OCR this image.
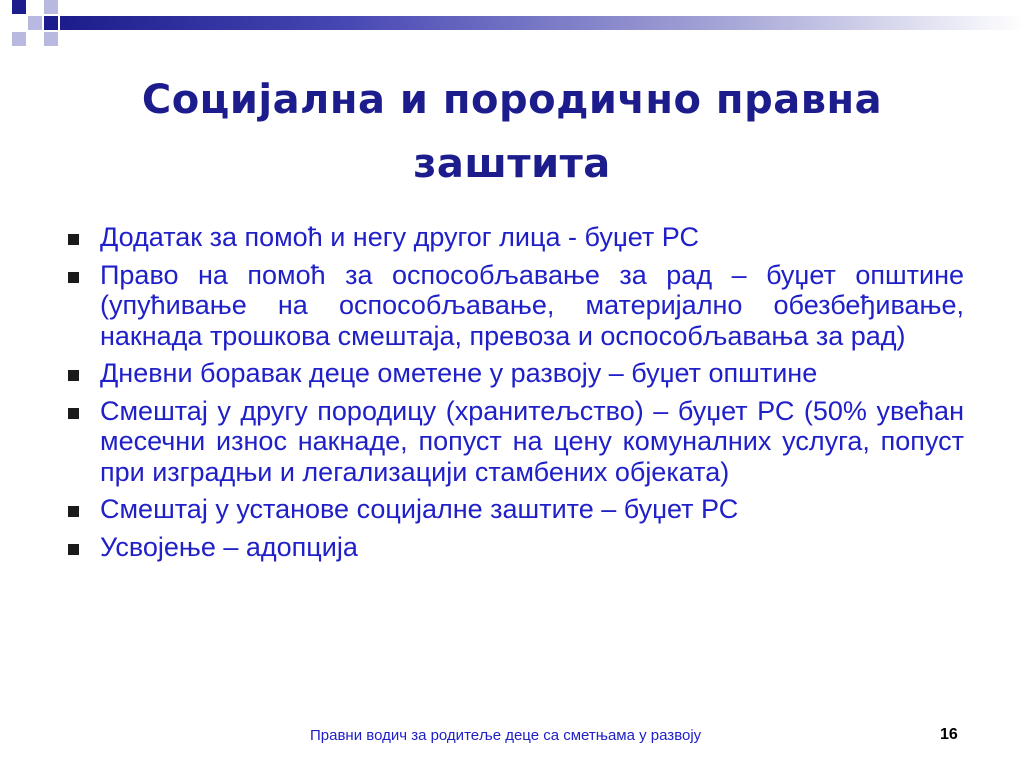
Социјална и породично правна
заштита
Додатак за помоћ и негу другог лица - буџет РС
Право на помоћ за оспособљавање за рад – буџет општине (упућивање на оспособљавање, материјално обезбеђивање, накнада трошкова смештаја, превоза и оспособљавања за рад)
Дневни боравак деце ометене у развоју – буџет општине
Смештај у другу породицу (хранитељство) – буџет РС (50% увећан месечни износ накнаде, попуст на цену комуналних услуга, попуст при изградњи и легализацији стамбених објеката)
Смештај у установе социјалне заштите – буџет РС
Усвојење – адопција
Правни водич за родитеље деце са сметњама у развоју	16
